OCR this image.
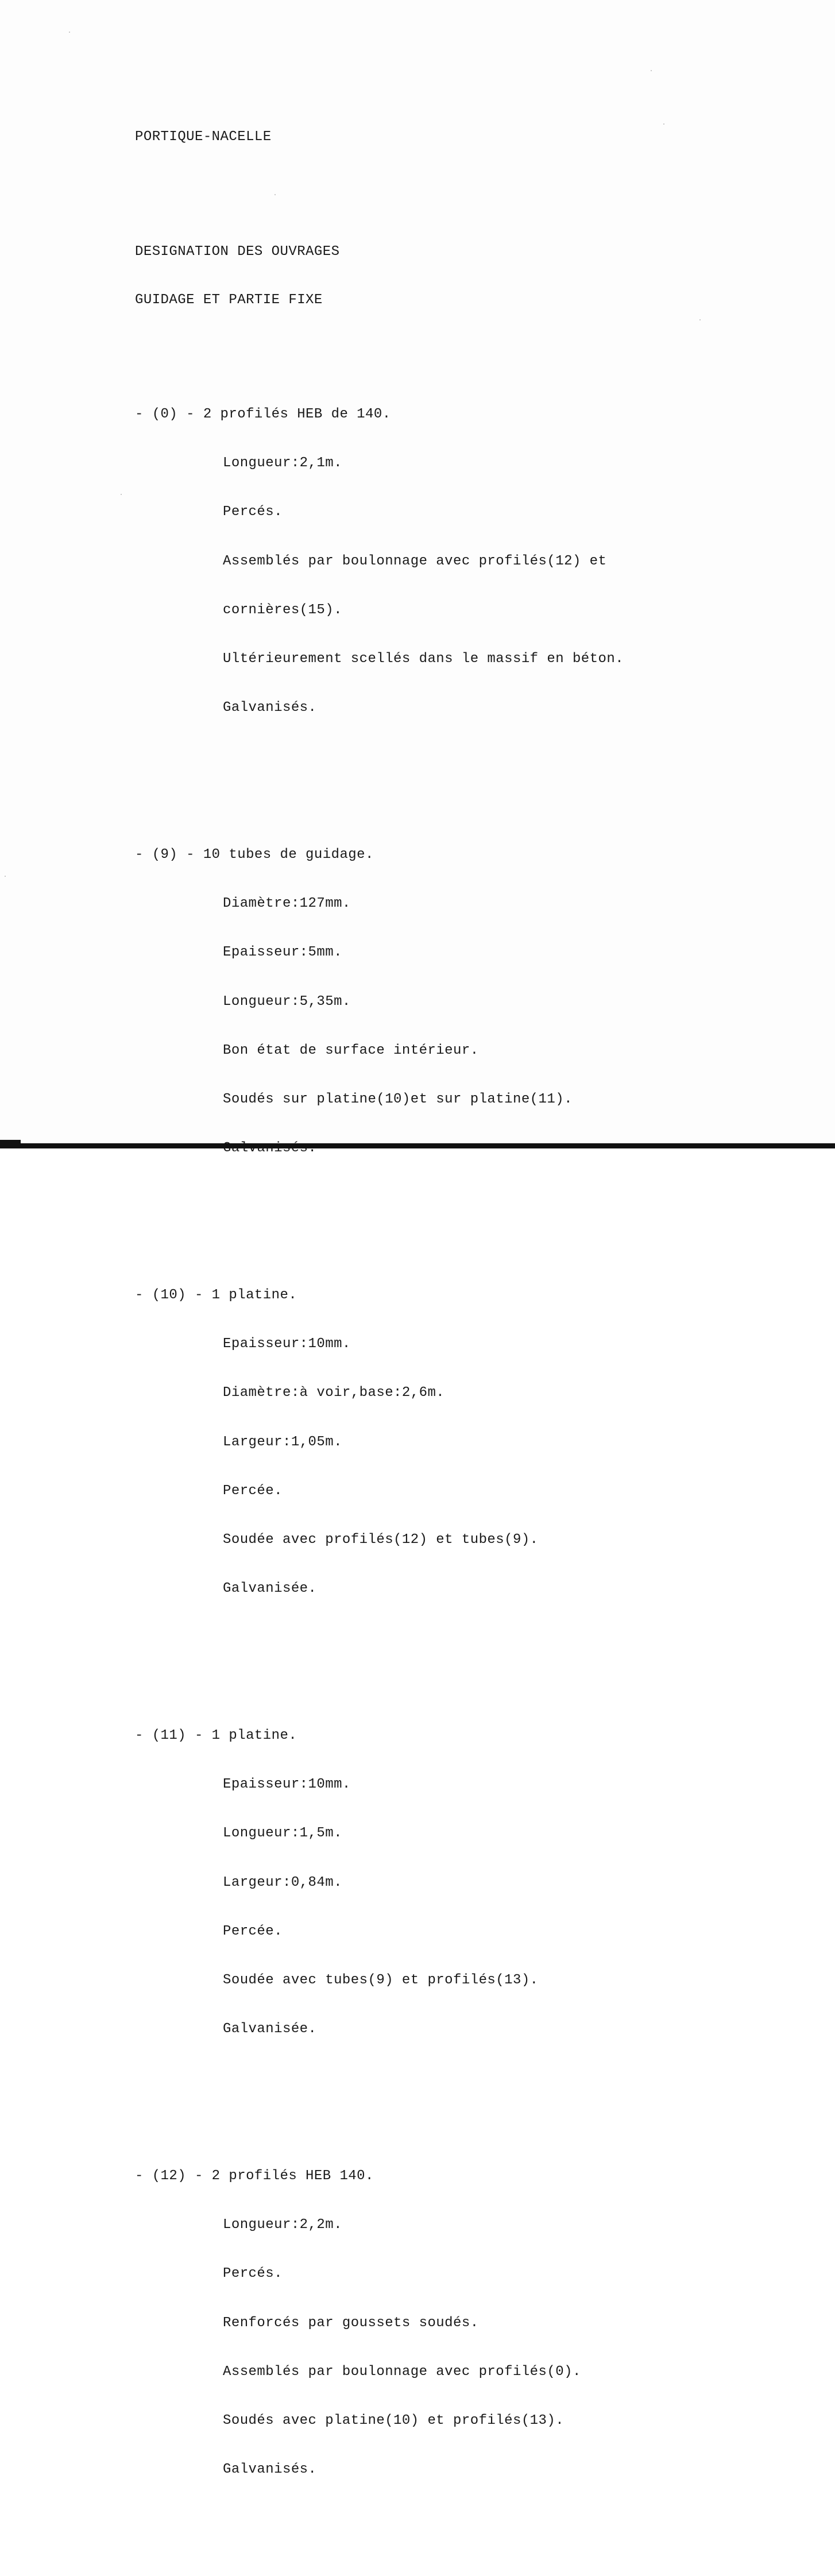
PORTIQUE-NACELLE
DESIGNATION DES OUVRAGES
GUIDAGE ET PARTIE FIXE

- (0) - 2 profilés HEB de 140.

Longueur:2,1m.

Percés.

Assemblés par boulonnage avec profilés(12) et

cornières(15).

Ultérieurement scellés dans le massif en béton.

Galvanisés.

- (9) - 10 tubes de guidage.

Diamètre:127mm.

Epaisseur:5mm.

Longueur:5,35m.

Bon état de surface intérieur.

Soudés sur platine(10)et sur platine(11).

- (10) - 1 platine.

Epaisseur:10mm.

Diamètre:à voir,base:2,6m.

Largeur:1,05m.

Percée.

Soudée avec profilés(12) et tubes(9).

Galvanisée.

- (11) - 1 platine.

Epaisseur:10mm.

Longueur:1,5m.

Largeur:0,84m.

Percée.

Soudée avec tubes(9) et profilés(13).

Galvanisée.

- (12) - 2 profilés HEB 140.

Longueur:2,2m.

Percés.

Renforcés par goussets soudés.

Assemblés par boulonnage avec profilés(0).

Soudés avec platine(10) et profilés(13).

Galvanisés.
